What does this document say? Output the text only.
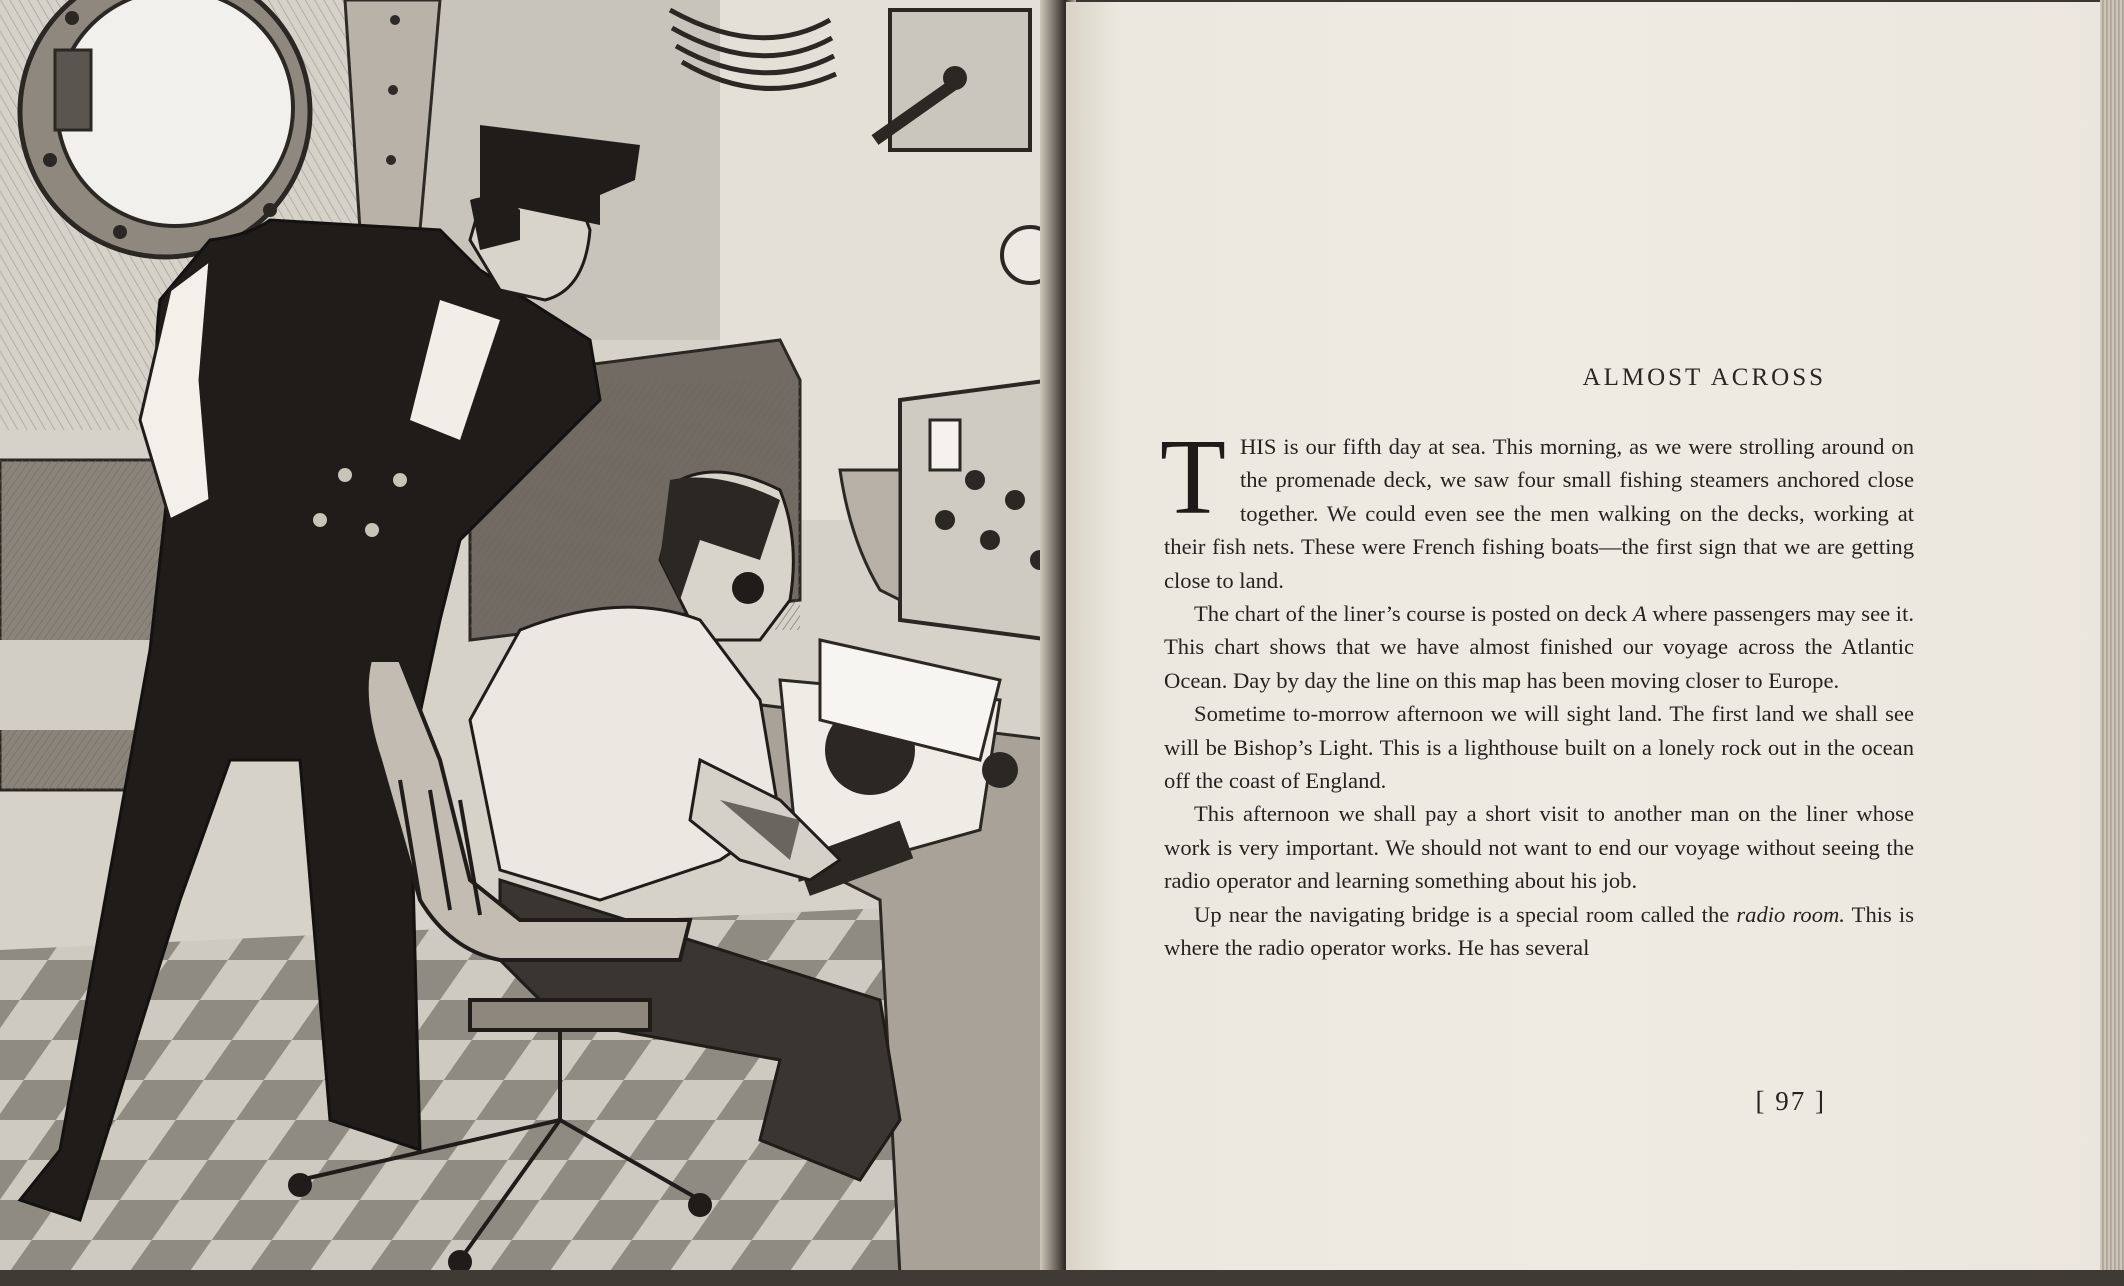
ALMOST ACROSS

THIS is our fifth day at sea. This morning, as we were strolling around on the promenade deck, we saw four small fishing steamers anchored close together. We could even see the men walking on the decks, working at their fish nets. These were French fishing boats—the first sign that we are getting close to land.

The chart of the liner’s course is posted on deck A where passengers may see it. This chart shows that we have almost finished our voyage across the Atlantic Ocean. Day by day the line on this map has been moving closer to Europe.

Sometime to-morrow afternoon we will sight land. The first land we shall see will be Bishop’s Light. This is a lighthouse built on a lonely rock out in the ocean off the coast of England.

This afternoon we shall pay a short visit to another man on the liner whose work is very important. We should not want to end our voyage without seeing the radio operator and learning something about his job.

Up near the navigating bridge is a special room called the radio room. This is where the radio operator works. He has several

[ 97 ]
